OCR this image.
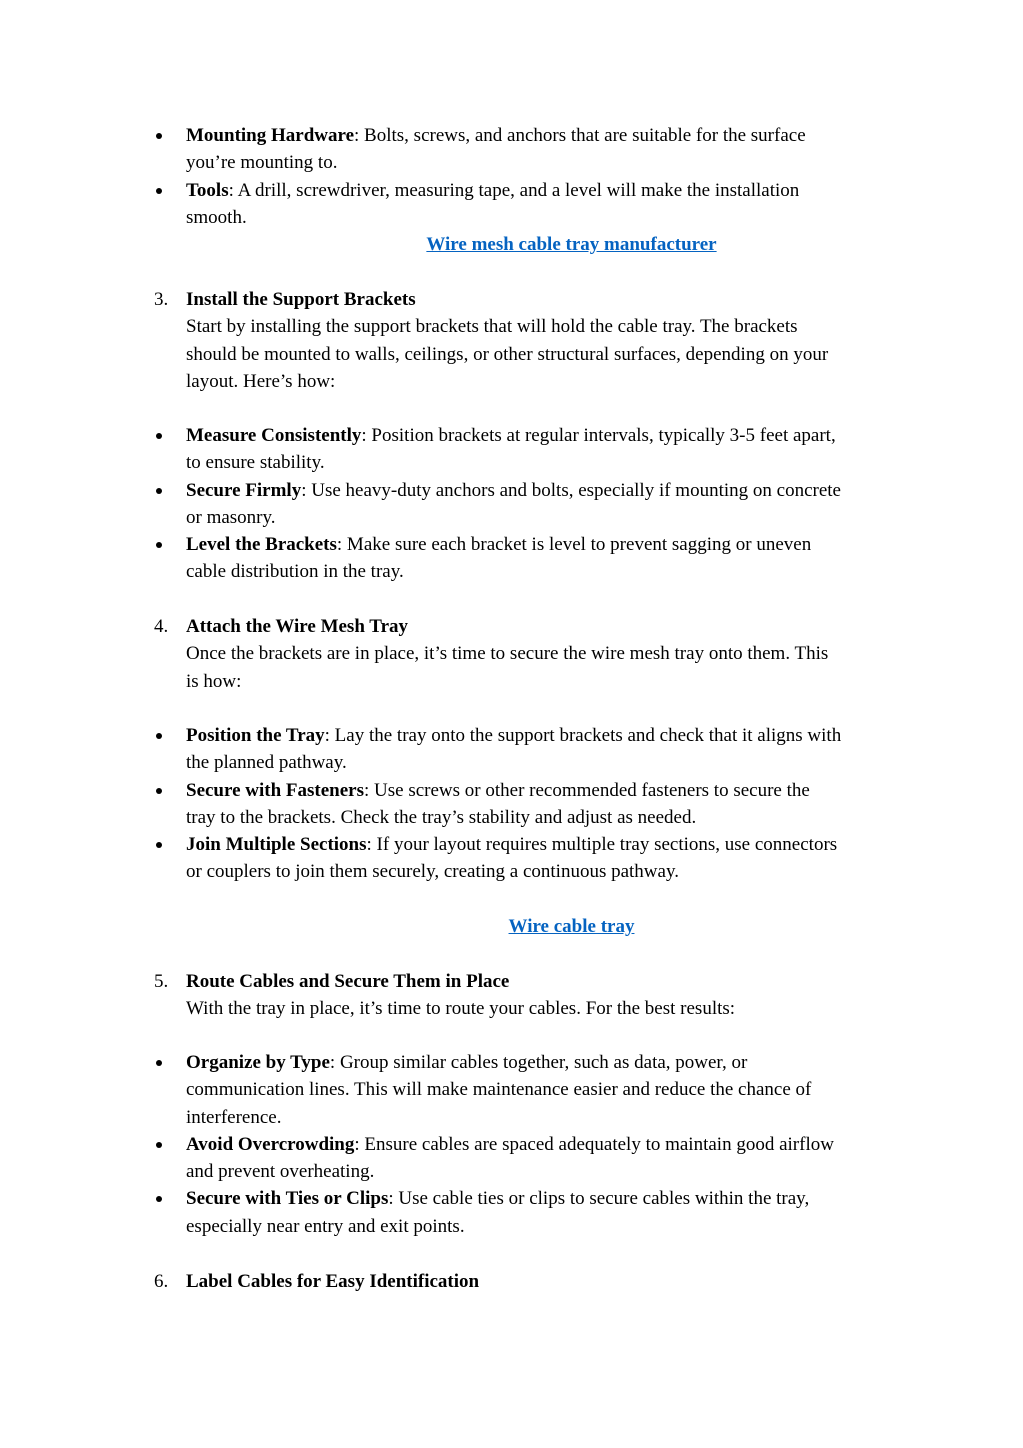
Mounting Hardware: Bolts, screws, and anchors that are suitable for the surface
you’re mounting to.
Tools: A drill, screwdriver, measuring tape, and a level will make the installation
smooth.
Wire mesh cable tray manufacturer
3. Install the Support Brackets
Start by installing the support brackets that will hold the cable tray. The brackets
should be mounted to walls, ceilings, or other structural surfaces, depending on your
layout. Here’s how:
Measure Consistently: Position brackets at regular intervals, typically 3-5 feet apart,
to ensure stability.
Secure Firmly: Use heavy-duty anchors and bolts, especially if mounting on concrete
or masonry.
Level the Brackets: Make sure each bracket is level to prevent sagging or uneven
cable distribution in the tray.
4. Attach the Wire Mesh Tray
Once the brackets are in place, it’s time to secure the wire mesh tray onto them. This
is how:
Position the Tray: Lay the tray onto the support brackets and check that it aligns with
the planned pathway.
Secure with Fasteners: Use screws or other recommended fasteners to secure the
tray to the brackets. Check the tray’s stability and adjust as needed.
Join Multiple Sections: If your layout requires multiple tray sections, use connectors
or couplers to join them securely, creating a continuous pathway.
Wire cable tray
5. Route Cables and Secure Them in Place
With the tray in place, it’s time to route your cables. For the best results:
Organize by Type: Group similar cables together, such as data, power, or
communication lines. This will make maintenance easier and reduce the chance of
interference.
Avoid Overcrowding: Ensure cables are spaced adequately to maintain good airflow
and prevent overheating.
Secure with Ties or Clips: Use cable ties or clips to secure cables within the tray,
especially near entry and exit points.
6. Label Cables for Easy Identification
